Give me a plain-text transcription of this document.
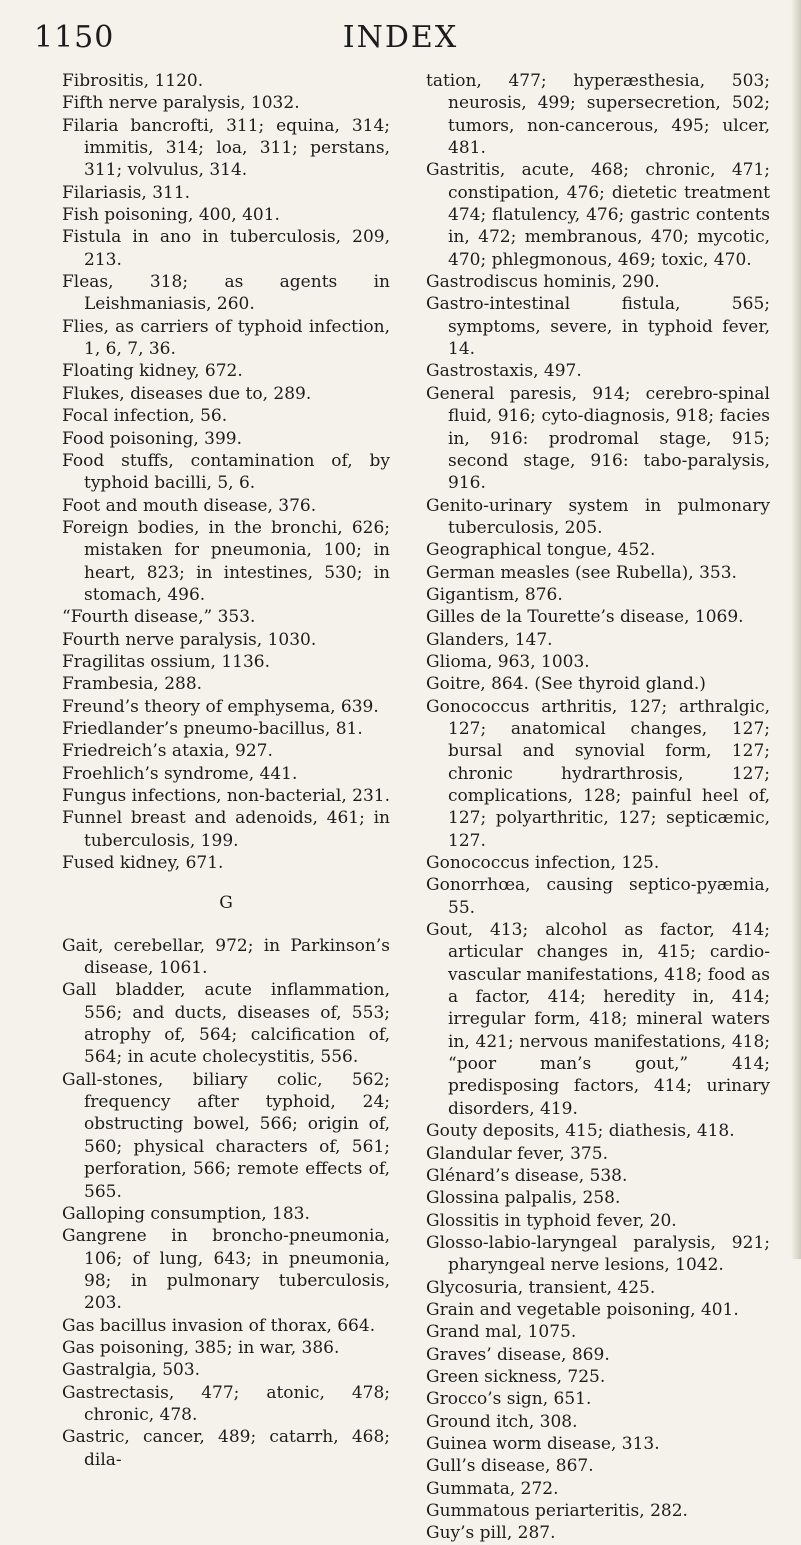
1150	INDEX

Fibrositis, 1120.

Fifth nerve paralysis, 1032.

Filaria bancrofti, 311; equina, 314; immitis, 314; loa, 311; perstans, 311; volvulus, 314.

Filariasis, 311.

Fish poisoning, 400, 401.

Fistula in ano in tuberculosis, 209, 213.

Fleas, 318; as agents in Leishmaniasis, 260.

Flies, as carriers of typhoid infection, 1, 6, 7, 36.

Floating kidney, 672.

Flukes, diseases due to, 289.

Focal infection, 56.

Food poisoning, 399.

Food stuffs, contamination of, by typhoid bacilli, 5, 6.

Foot and mouth disease, 376.

Foreign bodies, in the bronchi, 626; mistaken for pneumonia, 100; in heart, 823; in intestines, 530; in stomach, 496.

“Fourth disease,” 353.

Fourth nerve paralysis, 1030.

Fragilitas ossium, 1136.

Frambesia, 288.

Freund’s theory of emphysema, 639.

Friedlander’s pneumo-bacillus, 81.

Friedreich’s ataxia, 927.

Froehlich’s syndrome, 441.

Fungus infections, non-bacterial, 231.

Funnel breast and adenoids, 461; in tuberculosis, 199.

Fused kidney, 671.

G

Gait, cerebellar, 972; in Parkinson’s disease, 1061.

Gall bladder, acute inflammation, 556; and ducts, diseases of, 553; atrophy of, 564; calcification of, 564; in acute cholecystitis, 556.

Gall-stones, biliary colic, 562; frequency after typhoid, 24; obstructing bowel, 566; origin of, 560; physical characters of, 561; perforation, 566; remote effects of, 565.

Galloping consumption, 183.

Gangrene in broncho-pneumonia, 106; of lung, 643; in pneumonia, 98; in pulmonary tuberculosis, 203.

Gas bacillus invasion of thorax, 664.

Gas poisoning, 385; in war, 386.

Gastralgia, 503.

Gastrectasis, 477; atonic, 478; chronic, 478.

Gastric, cancer, 489; catarrh, 468; dila-

tation, 477; hyperæsthesia, 503; neurosis, 499; supersecretion, 502; tumors, non-cancerous, 495; ulcer, 481.

Gastritis, acute, 468; chronic, 471; constipation, 476; dietetic treatment 474; flatulency, 476; gastric contents in, 472; membranous, 470; mycotic, 470; phlegmonous, 469; toxic, 470.

Gastrodiscus hominis, 290.

Gastro-intestinal fistula, 565; symptoms, severe, in typhoid fever, 14.

Gastrostaxis, 497.

General paresis, 914; cerebro-spinal fluid, 916; cyto-diagnosis, 918; facies in, 916: prodromal stage, 915; second stage, 916: tabo-paralysis, 916.

Genito-urinary system in pulmonary tuberculosis, 205.

Geographical tongue, 452.

German measles (see Rubella), 353.

Gigantism, 876.

Gilles de la Tourette’s disease, 1069.

Glanders, 147.

Glioma, 963, 1003.

Goitre, 864. (See thyroid gland.)

Gonococcus arthritis, 127; arthralgic, 127; anatomical changes, 127; bursal and synovial form, 127; chronic hydrarthrosis, 127; complications, 128; painful heel of, 127; polyarthritic, 127; septicæmic, 127.

Gonococcus infection, 125.

Gonorrhœa, causing septico-pyæmia, 55.

Gout, 413; alcohol as factor, 414; articular changes in, 415; cardio-vascular manifestations, 418; food as a factor, 414; heredity in, 414; irregular form, 418; mineral waters in, 421; nervous manifestations, 418; “poor man’s gout,” 414; predisposing factors, 414; urinary disorders, 419.

Gouty deposits, 415; diathesis, 418.

Glandular fever, 375.

Glénard’s disease, 538.

Glossina palpalis, 258.

Glossitis in typhoid fever, 20.

Glosso-labio-laryngeal paralysis, 921; pharyngeal nerve lesions, 1042.

Glycosuria, transient, 425.

Grain and vegetable poisoning, 401.

Grand mal, 1075.

Graves’ disease, 869.

Green sickness, 725.

Grocco’s sign, 651.

Ground itch, 308.

Guinea worm disease, 313.

Gull’s disease, 867.

Gummata, 272.

Gummatous periarteritis, 282.

Guy’s pill, 287.
